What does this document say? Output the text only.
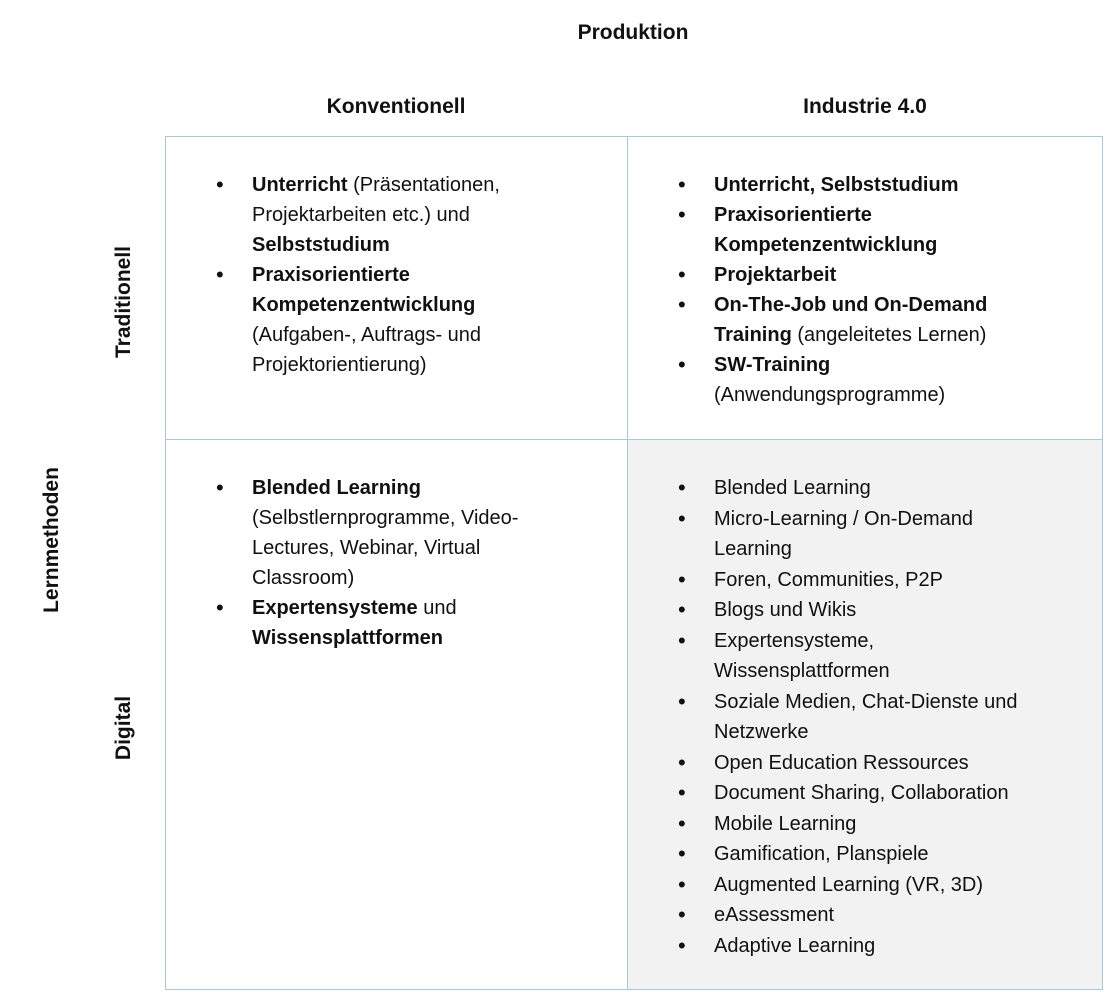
Produktion
Konventionell	Industrie 4.0
Traditionell
Lernmethoden
Digital
• Unterricht (Präsentationen, Projektarbeiten etc.) und Selbststudium
• Praxisorientierte Kompetenzentwicklung (Aufgaben-, Auftrags- und Projektorientierung)
• Unterricht, Selbststudium
• Praxisorientierte Kompetenzentwicklung
• Projektarbeit
• On-The-Job und On-Demand Training (angeleitetes Lernen)
• SW-Training (Anwendungsprogramme)
• Blended Learning (Selbstlernprogramme, Video-Lectures, Webinar, Virtual Classroom)
• Expertensysteme und Wissensplattformen
• Blended Learning
• Micro-Learning / On-Demand Learning
• Foren, Communities, P2P
• Blogs und Wikis
• Expertensysteme, Wissensplattformen
• Soziale Medien, Chat-Dienste und Netzwerke
• Open Education Ressources
• Document Sharing, Collaboration
• Mobile Learning
• Gamification, Planspiele
• Augmented Learning (VR, 3D)
• eAssessment
• Adaptive Learning
